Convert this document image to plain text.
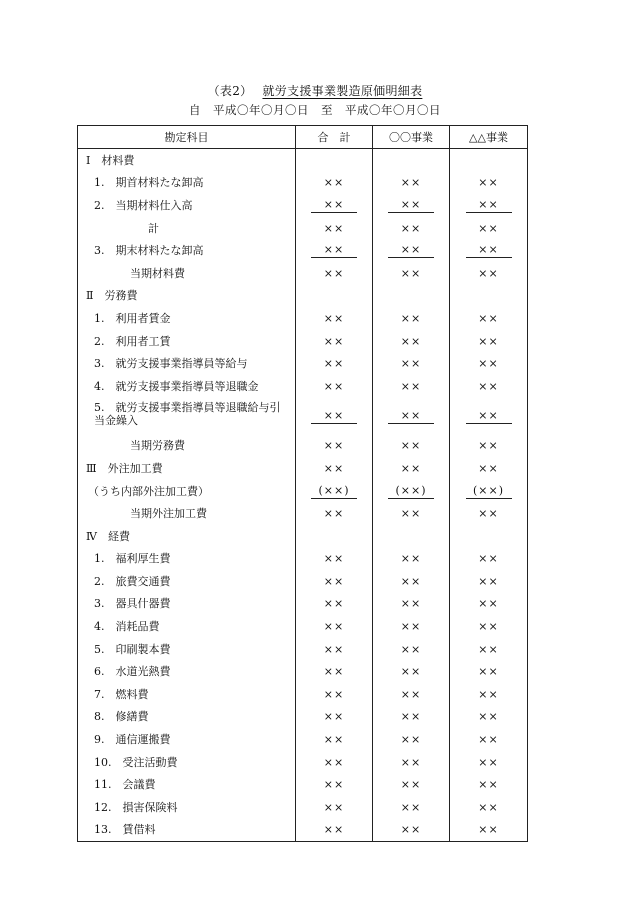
（表2） 就労支援事業製造原価明細表
自　平成〇年〇月〇日　至　平成〇年〇月〇日
勘定科目	合　計	〇〇事業	△△事業
Ⅰ　材料費			
1.　期首材料たな卸高	××	××	××
2.　当期材料仕入高	××	××	××
計	××	××	××
3.　期末材料たな卸高	××	××	××
当期材料費	××	××	××
Ⅱ　労務費			
1.　利用者賃金	××	××	××
2.　利用者工賃	××	××	××
3.　就労支援事業指導員等給与	××	××	××
4.　就労支援事業指導員等退職金	××	××	××
5.　就労支援事業指導員等退職給与引当金繰入	××	××	××
当期労務費	××	××	××
Ⅲ　外注加工費	××	××	××
（うち内部外注加工費）	(××)	(××)	(××)
当期外注加工費	××	××	××
Ⅳ　経費			
1.　福利厚生費	××	××	××
2.　旅費交通費	××	××	××
3.　器具什器費	××	××	××
4.　消耗品費	××	××	××
5.　印刷製本費	××	××	××
6.　水道光熱費	××	××	××
7.　燃料費	××	××	××
8.　修繕費	××	××	××
9.　通信運搬費	××	××	××
10.　受注活動費	××	××	××
11.　会議費	××	××	××
12.　損害保険料	××	××	××
13.　賃借料	××	××	××
